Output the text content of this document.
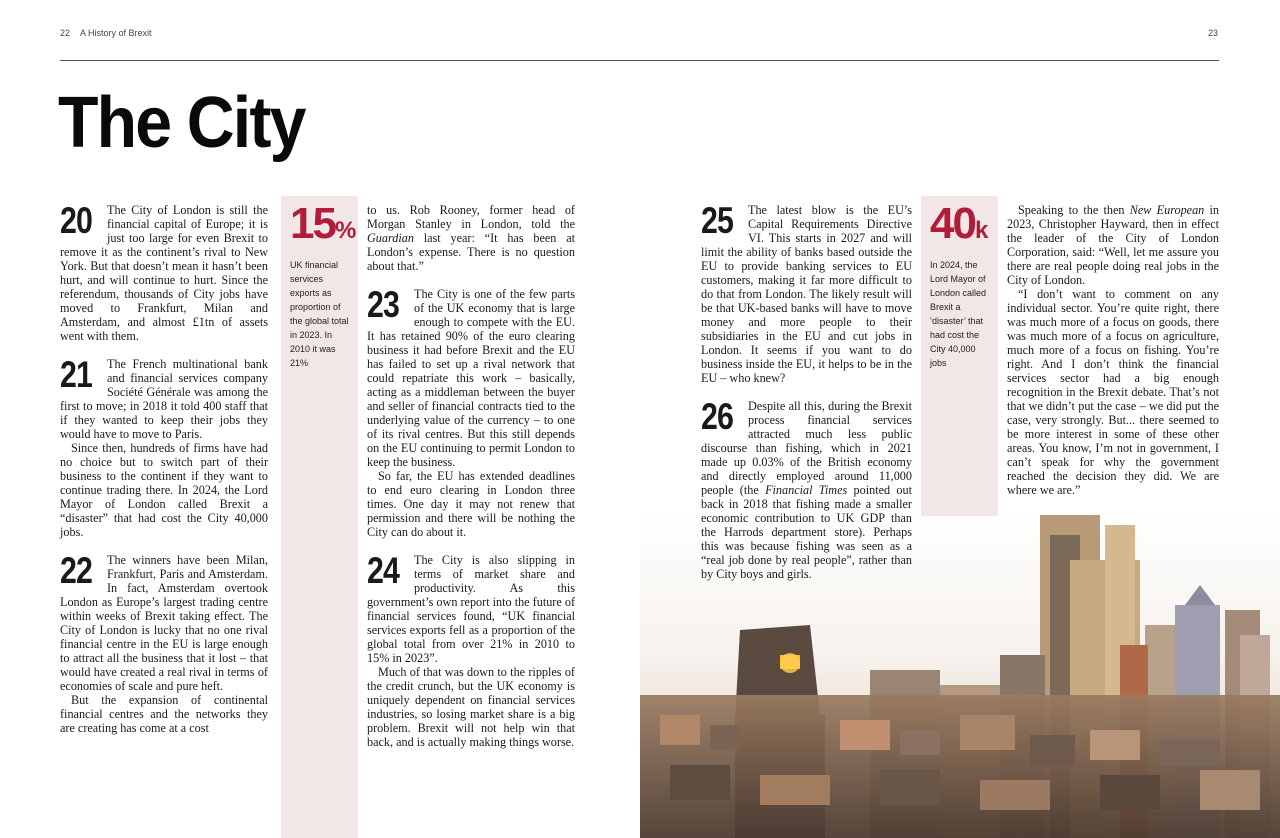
22 A History of Brexit	23
The City

20 The City of London is still the financial capital of Europe; it is just too large for even Brexit to remove it as the continent’s rival to New York. But that doesn’t mean it hasn’t been hurt, and will continue to hurt. Since the referendum, thousands of City jobs have moved to Frankfurt, Milan and Amsterdam, and almost £1tn of assets went with them.

21 The French multinational bank and financial services company Société Générale was among the first to move; in 2018 it told 400 staff that if they wanted to keep their jobs they would have to move to Paris.

Since then, hundreds of firms have had no choice but to switch part of their business to the continent if they want to continue trading there. In 2024, the Lord Mayor of London called Brexit a “disaster” that had cost the City 40,000 jobs.

22 The winners have been Milan, Frankfurt, Paris and Amsterdam. In fact, Amsterdam overtook London as Europe’s largest trading centre within weeks of Brexit taking effect. The City of London is lucky that no one rival financial centre in the EU is large enough to attract all the business that it lost – that would have created a real rival in terms of economies of scale and pure heft.

But the expansion of continental financial centres and the networks they are creating has come at a cost

15%
UK financial services exports as proportion of the global total in 2023. In 2010 it was 21%

to us. Rob Rooney, former head of Morgan Stanley in London, told the Guardian last year: “It has been at London’s expense. There is no question about that.”

23 The City is one of the few parts of the UK economy that is large enough to compete with the EU. It has retained 90% of the euro clearing business it had before Brexit and the EU has failed to set up a rival network that could repatriate this work – basically, acting as a middleman between the buyer and seller of financial contracts tied to the underlying value of the currency – to one of its rival centres. But this still depends on the EU continuing to permit London to keep the business.

So far, the EU has extended deadlines to end euro clearing in London three times. One day it may not renew that permission and there will be nothing the City can do about it.

24 The City is also slipping in terms of market share and productivity. As this government’s own report into the future of financial services found, “UK financial services exports fell as a proportion of the global total from over 21% in 2010 to 15% in 2023”.

Much of that was down to the ripples of the credit crunch, but the UK economy is uniquely dependent on financial services industries, so losing market share is a big problem. Brexit will not help win that back, and is actually making things worse.

25 The latest blow is the EU’s Capital Requirements Directive VI. This starts in 2027 and will limit the ability of banks based outside the EU to provide banking services to EU customers, making it far more difficult to do that from London. The likely result will be that UK-based banks will have to move money and more people to their subsidiaries in the EU and cut jobs in London. It seems if you want to do business inside the EU, it helps to be in the EU – who knew?

26 Despite all this, during the Brexit process financial services attracted much less public discourse than fishing, which in 2021 made up 0.03% of the British economy and directly employed around 11,000 people (the Financial Times pointed out back in 2018 that fishing made a smaller economic contribution to UK GDP than the Harrods department store). Perhaps this was because fishing was seen as a “real job done by real people”, rather than by City boys and girls.

40k
In 2024, the Lord Mayor of London called Brexit a ‘disaster’ that had cost the City 40,000 jobs

Speaking to the then New European in 2023, Christopher Hayward, then in effect the leader of the City of London Corporation, said: “Well, let me assure you there are real people doing real jobs in the City of London.

“I don’t want to comment on any individual sector. You’re quite right, there was much more of a focus on goods, there was much more of a focus on agriculture, much more of a focus on fishing. You’re right. And I don’t think the financial services sector had a big enough recognition in the Brexit debate. That’s not that we didn’t put the case – we did put the case, very strongly. But... there seemed to be more interest in some of these other areas. You know, I’m not in government, I can’t speak for why the government reached the decision they did. We are where we are.”
